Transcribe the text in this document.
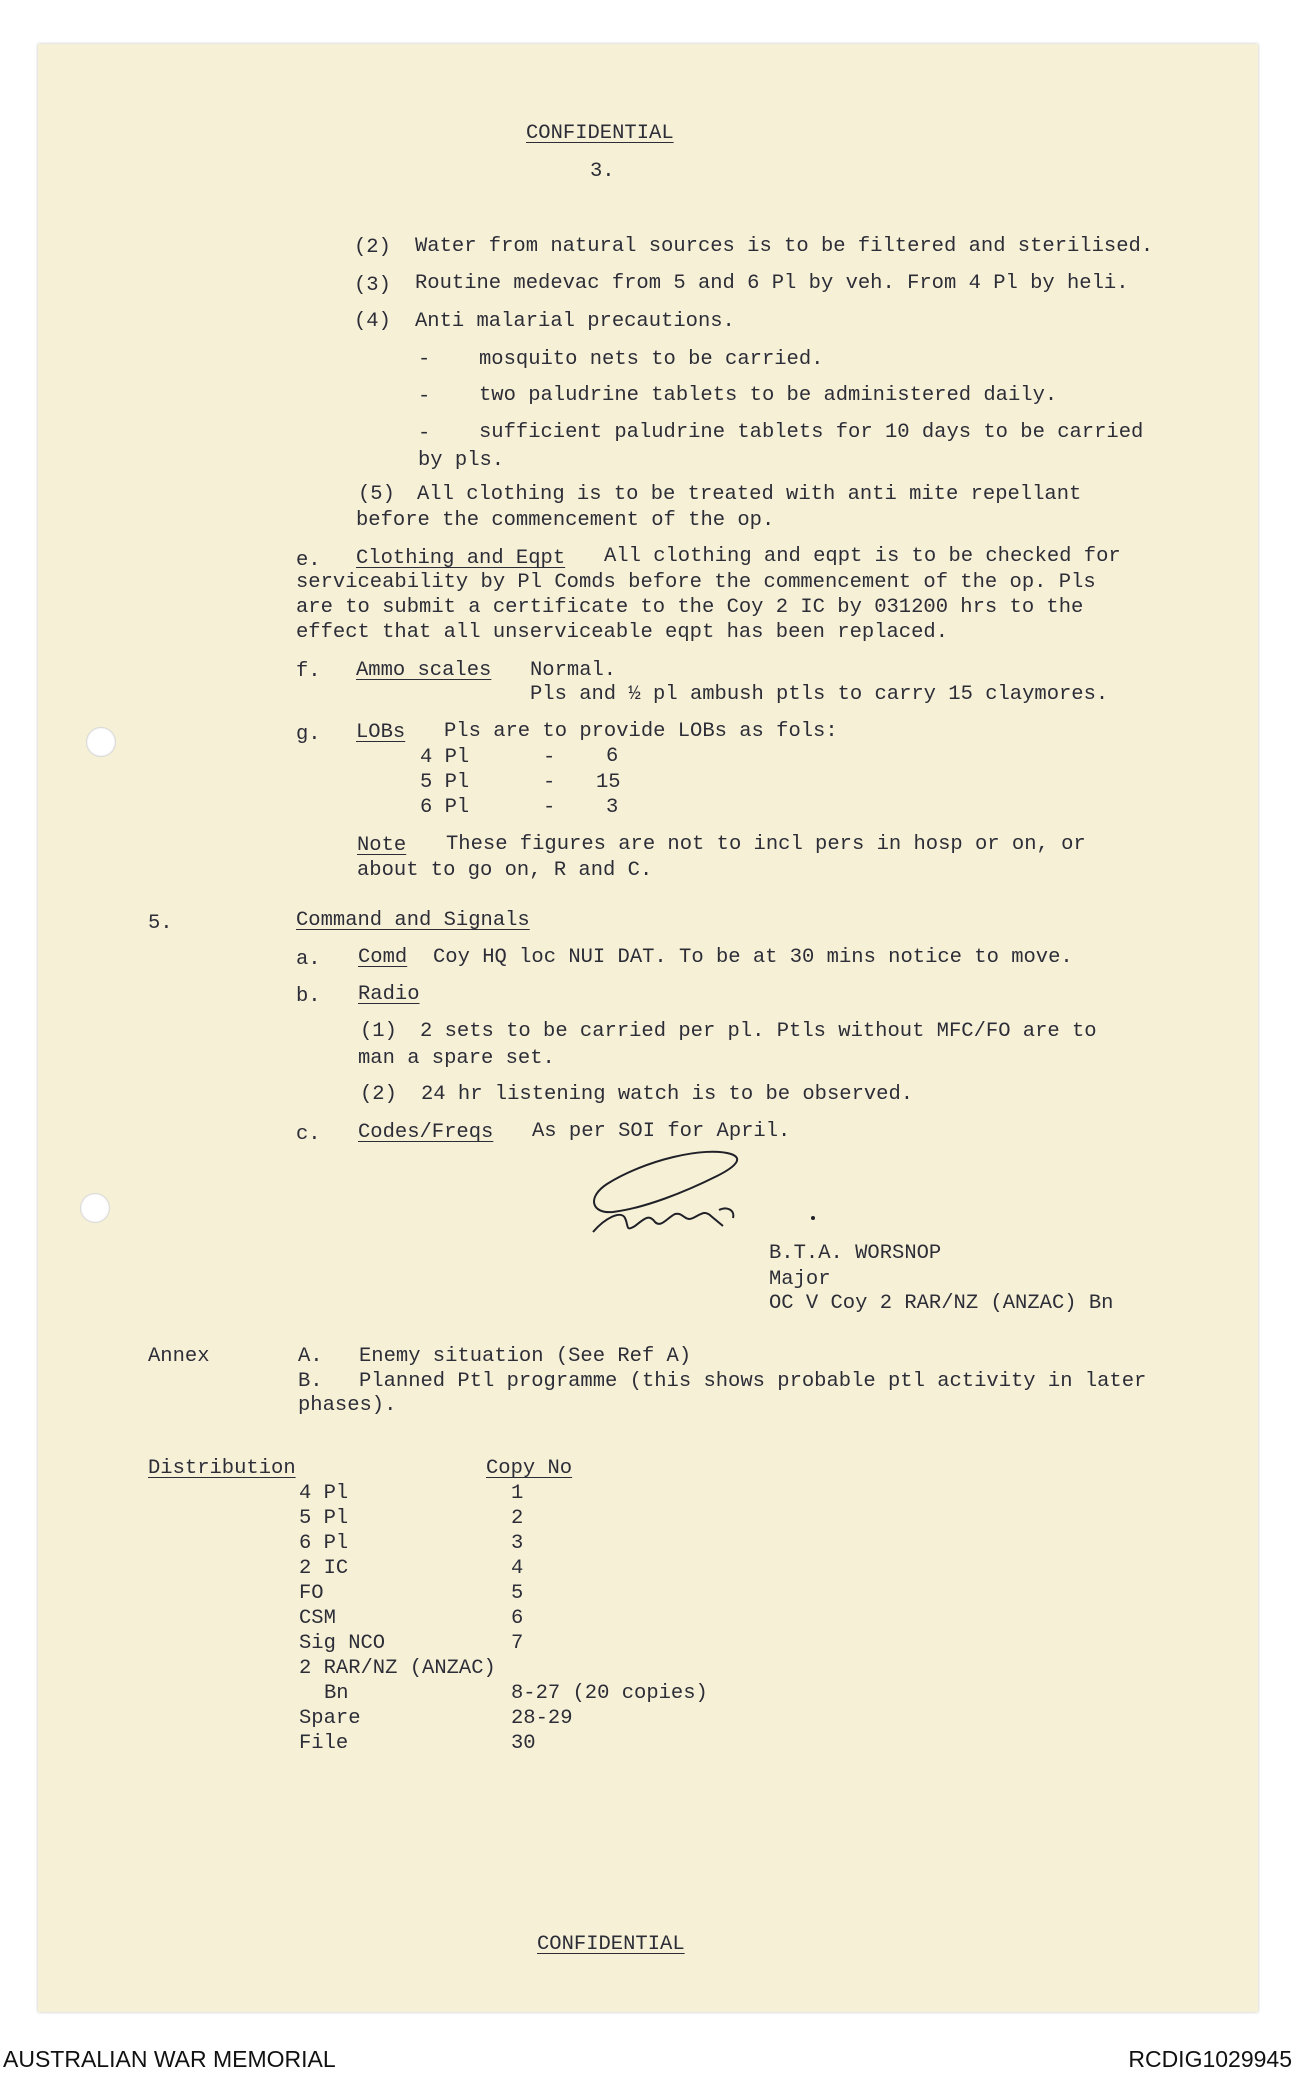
CONFIDENTIAL
3.
(2) Water from natural sources is to be filtered and sterilised.
(3) Routine medevac from 5 and 6 Pl by veh. From 4 Pl by heli.
(4) Anti malarial precautions.
- mosquito nets to be carried.
- two paludrine tablets to be administered daily.
- sufficient paludrine tablets for 10 days to be carried
by pls.
(5) All clothing is to be treated with anti mite repellant
before the commencement of the op.
e. Clothing and Eqpt All clothing and eqpt is to be checked for
serviceability by Pl Comds before the commencement of the op. Pls
are to submit a certificate to the Coy 2 IC by 031200 hrs to the
effect that all unserviceable eqpt has been replaced.
f. Ammo scales Normal.
Pls and ½ pl ambush ptls to carry 15 claymores.
g. LOBs Pls are to provide LOBs as fols:
4 Pl	- 6
5 Pl	- 15
6 Pl	- 3
Note These figures are not to incl pers in hosp or on, or
about to go on, R and C.
5.	Command and Signals
a. Comd Coy HQ loc NUI DAT. To be at 30 mins notice to move.
b. Radio
(1) 2 sets to be carried per pl. Ptls without MFC/FO are to
man a spare set.
(2) 24 hr listening watch is to be observed.
c. Codes/Freqs As per SOI for April.
B.T.A. WORSNOP
Major
OC V Coy 2 RAR/NZ (ANZAC) Bn
Annex	A. Enemy situation (See Ref A)
B. Planned Ptl programme (this shows probable ptl activity in later
phases).
Distribution	Copy No
4 Pl	1
5 Pl	2
6 Pl	3
2 IC	4
FO	5
CSM	6
Sig NCO	7
2 RAR/NZ (ANZAC)
Bn	8-27 (20 copies)
Spare	28-29
File	30
CONFIDENTIAL
AUSTRALIAN WAR MEMORIAL	RCDIG1029945
